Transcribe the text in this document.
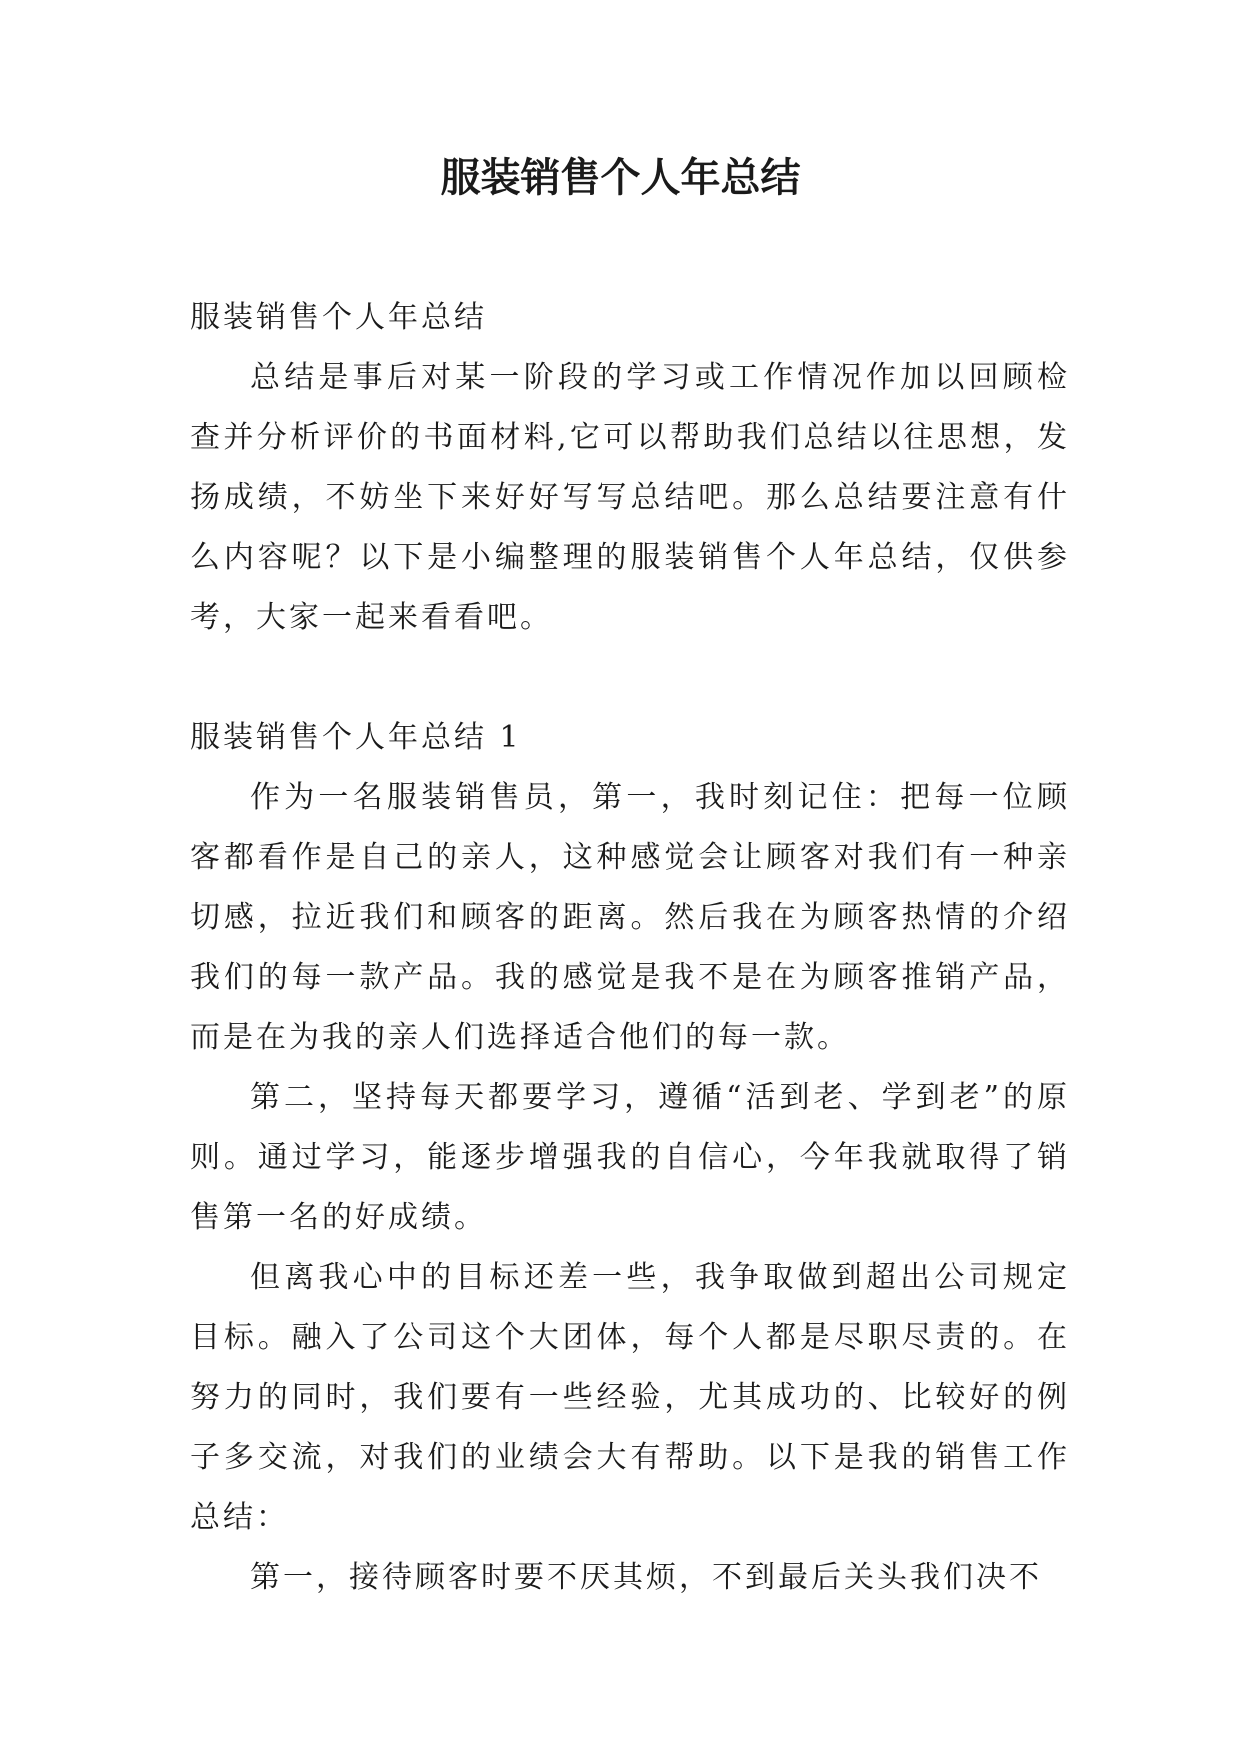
服装销售个人年总结

服装销售个人年总结

总结是事后对某一阶段的学习或工作情况作加以回顾检查并分析评价的书面材料,它可以帮助我们总结以往思想，发扬成绩，不妨坐下来好好写写总结吧。那么总结要注意有什么内容呢？以下是小编整理的服装销售个人年总结，仅供参考，大家一起来看看吧。

服装销售个人年总结 1

作为一名服装销售员，第一，我时刻记住：把每一位顾客都看作是自己的亲人，这种感觉会让顾客对我们有一种亲切感，拉近我们和顾客的距离。然后我在为顾客热情的介绍我们的每一款产品。我的感觉是我不是在为顾客推销产品，而是在为我的亲人们选择适合他们的每一款。

第二，坚持每天都要学习，遵循“活到老、学到老”的原则。通过学习，能逐步增强我的自信心，今年我就取得了销售第一名的好成绩。

但离我心中的目标还差一些，我争取做到超出公司规定目标。融入了公司这个大团体，每个人都是尽职尽责的。在努力的同时，我们要有一些经验，尤其成功的、比较好的例子多交流，对我们的业绩会大有帮助。以下是我的销售工作总结：

第一，接待顾客时要不厌其烦，不到最后关头我们决不
